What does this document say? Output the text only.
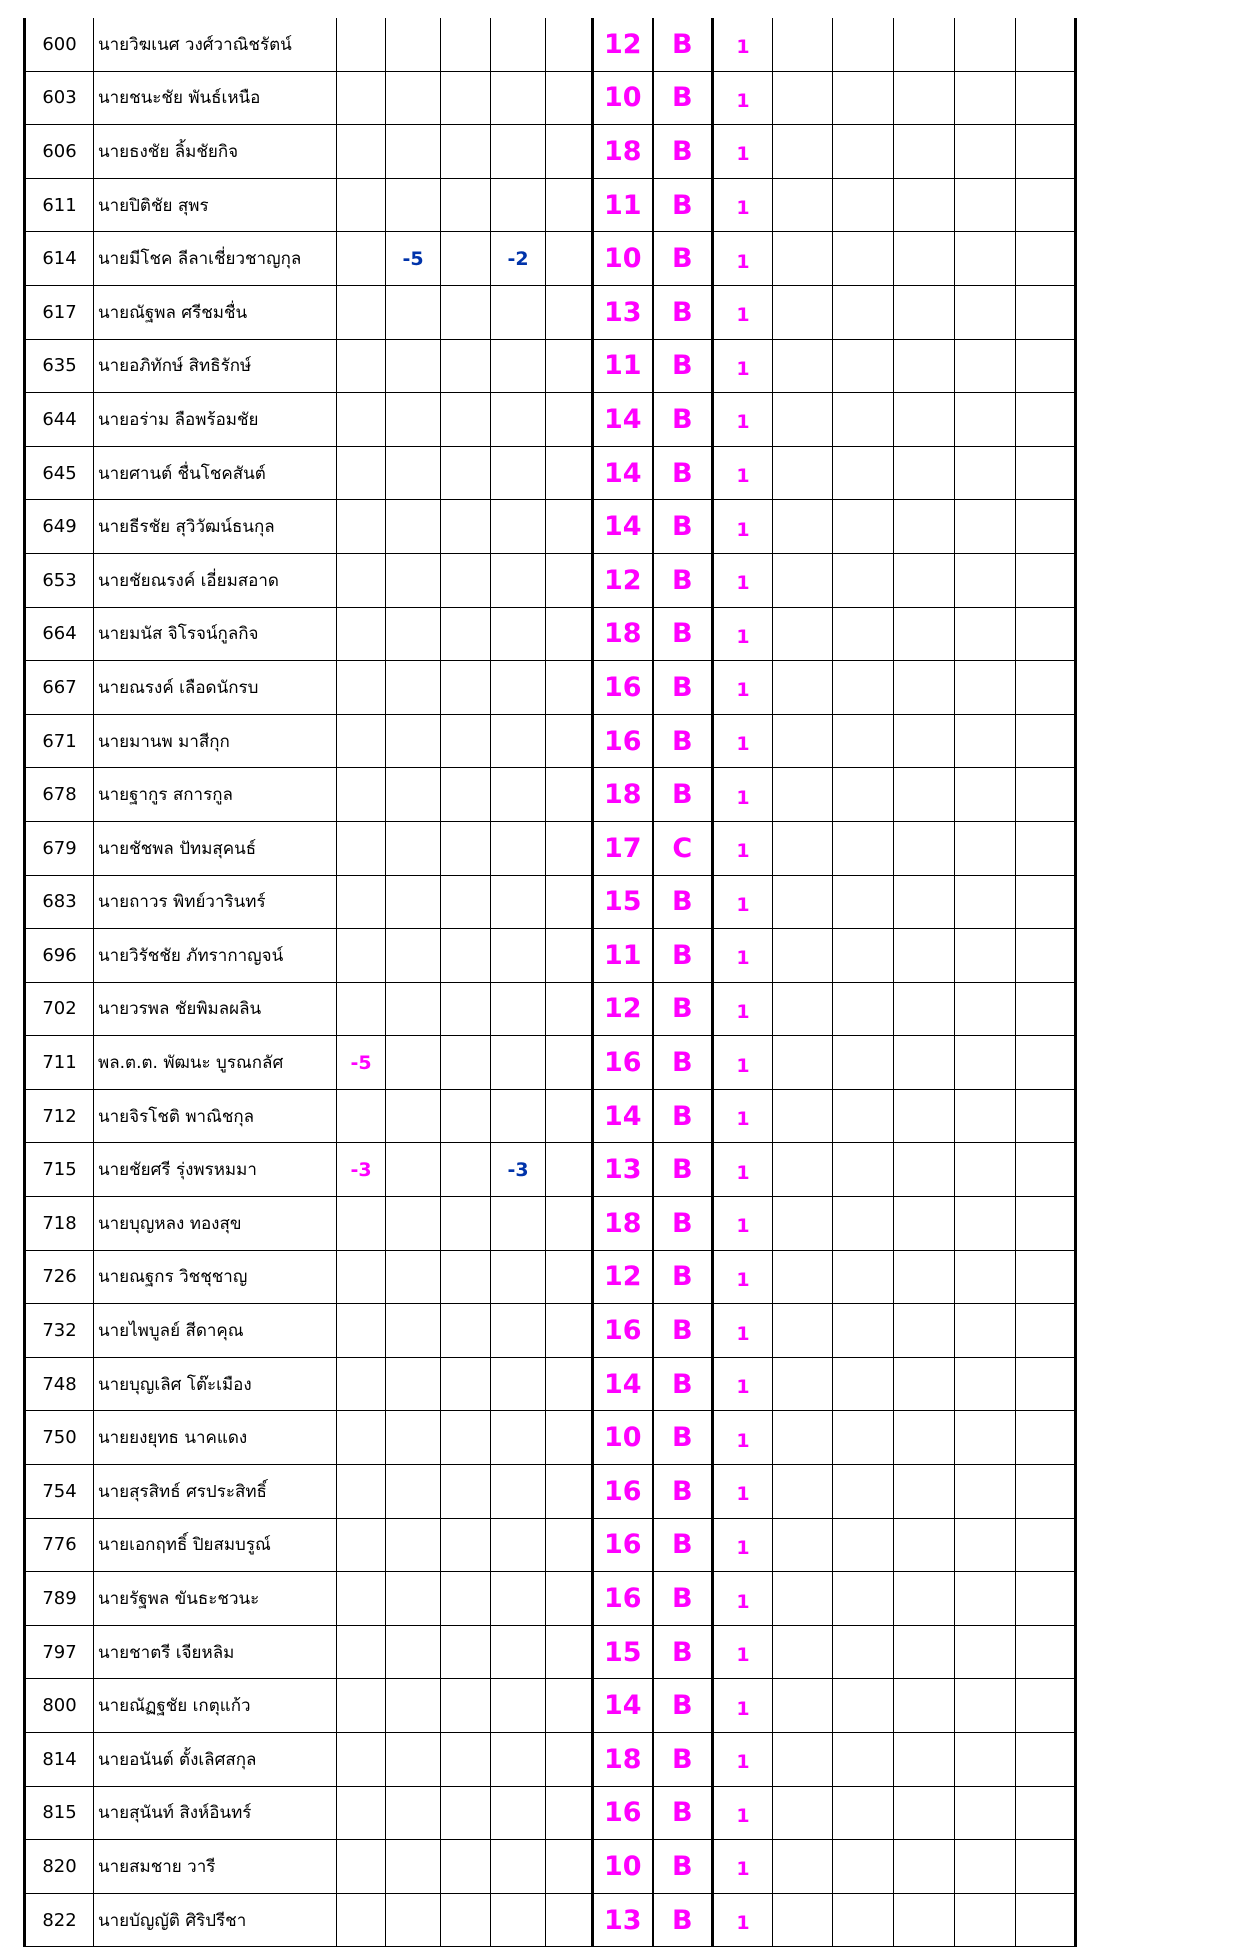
600	นายวิฆเนศ วงศ์วาณิชรัตน์						12	B	1					
603	นายชนะชัย พันธ์เหนือ						10	B	1					
606	นายธงชัย ลิ้มชัยกิจ						18	B	1					
611	นายปิติชัย สุพร						11	B	1					
614	นายมีโชค ลีลาเชี่ยวชาญกุล		-5		-2		10	B	1					
617	นายณัฐพล ศรีชมชื่น						13	B	1					
635	นายอภิทักษ์ สิทธิรักษ์						11	B	1					
644	นายอร่าม ลือพร้อมชัย						14	B	1					
645	นายศานต์ ชื่นโชคสันต์						14	B	1					
649	นายธีรชัย สุวิวัฒน์ธนกุล						14	B	1					
653	นายชัยณรงค์ เอี่ยมสอาด						12	B	1					
664	นายมนัส จิโรจน์กูลกิจ						18	B	1					
667	นายณรงค์ เลือดนักรบ						16	B	1					
671	นายมานพ มาสีกุก						16	B	1					
678	นายฐากูร สการกูล						18	B	1					
679	นายชัชพล ปัทมสุคนธ์						17	C	1					
683	นายถาวร พิทย์วารินทร์						15	B	1					
696	นายวิรัชชัย ภัทรากาญจน์						11	B	1					
702	นายวรพล ชัยพิมลผลิน						12	B	1					
711	พล.ต.ต. พัฒนะ บูรณกลัศ	-5					16	B	1					
712	นายจิรโชติ พาณิชกุล						14	B	1					
715	นายชัยศรี รุ่งพรหมมา	-3			-3		13	B	1					
718	นายบุญหลง ทองสุข						18	B	1					
726	นายณฐกร วิชชุชาญ						12	B	1					
732	นายไพบูลย์ สีดาคุณ						16	B	1					
748	นายบุญเลิศ โต๊ะเมือง						14	B	1					
750	นายยงยุทธ นาคแดง						10	B	1					
754	นายสุรสิทธ์ ศรประสิทธิ์						16	B	1					
776	นายเอกฤทธิ์ ปิยสมบรูณ์						16	B	1					
789	นายรัฐพล ขันธะชวนะ						16	B	1					
797	นายชาตรี เจียหลิม						15	B	1					
800	นายณัฏฐชัย เกตุแก้ว						14	B	1					
814	นายอนันต์ ตั้งเลิศสกุล						18	B	1					
815	นายสุนันท์ สิงห์อินทร์						16	B	1					
820	นายสมชาย วารี						10	B	1					
822	นายบัญญัติ ศิริปรีชา						13	B	1					
